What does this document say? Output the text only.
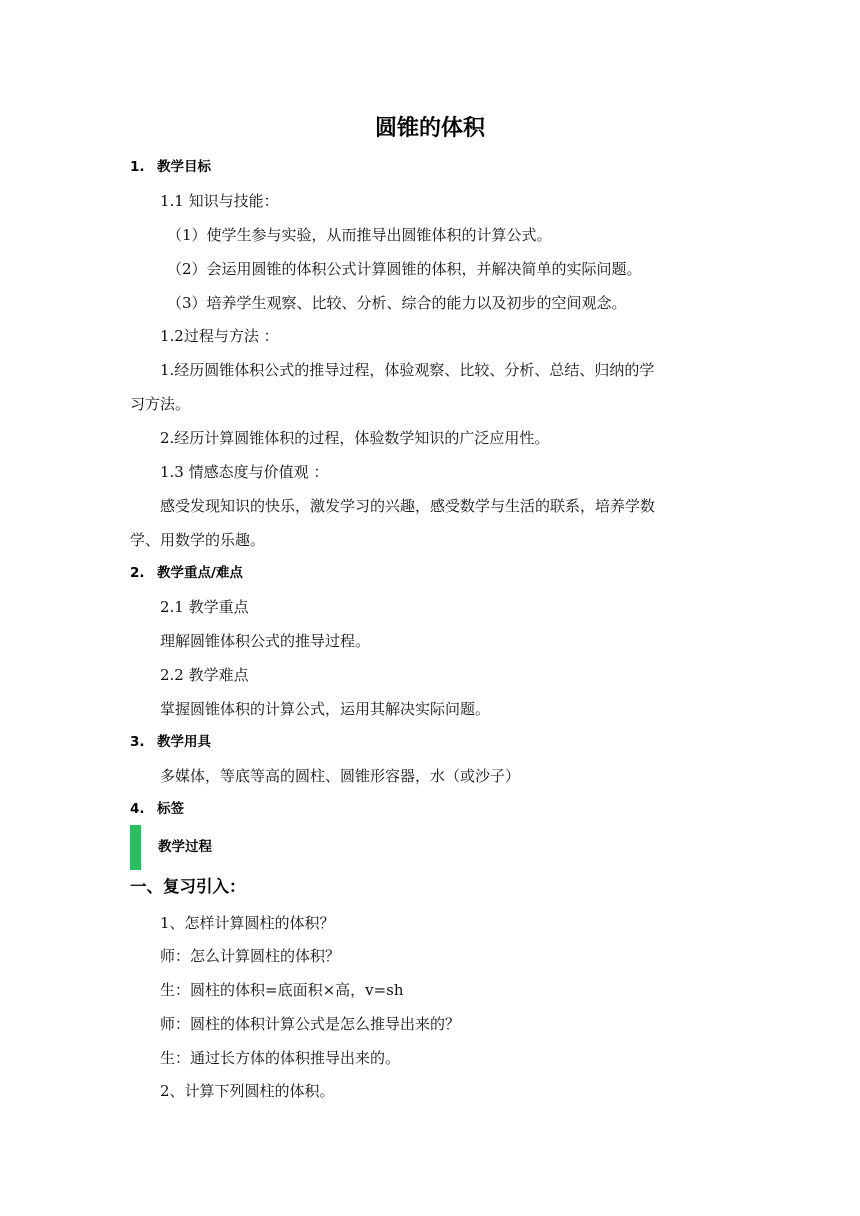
圆锥的体积
1. 教学目标
1.1 知识与技能：
（1）使学生参与实验，从而推导出圆锥体积的计算公式。
（2）会运用圆锥的体积公式计算圆锥的体积，并解决简单的实际问题。
（3）培养学生观察、比较、分析、综合的能力以及初步的空间观念。
1.2过程与方法 ：
1.经历圆锥体积公式的推导过程，体验观察、比较、分析、总结、归纳的学
习方法。
2.经历计算圆锥体积的过程，体验数学知识的广泛应用性。
1.3 情感态度与价值观 ：
感受发现知识的快乐，激发学习的兴趣，感受数学与生活的联系，培养学数
学、用数学的乐趣。
2. 教学重点/难点
2.1 教学重点
理解圆锥体积公式的推导过程。
2.2 教学难点
掌握圆锥体积的计算公式，运用其解决实际问题。
3. 教学用具
多媒体，等底等高的圆柱、圆锥形容器，水（或沙子）
4. 标签
教学过程
一、复习引入：
1、怎样计算圆柱的体积？
师：怎么计算圆柱的体积？
生：圆柱的体积=底面积×高，v=sh
师：圆柱的体积计算公式是怎么推导出来的？
生：通过长方体的体积推导出来的。
2、计算下列圆柱的体积。
